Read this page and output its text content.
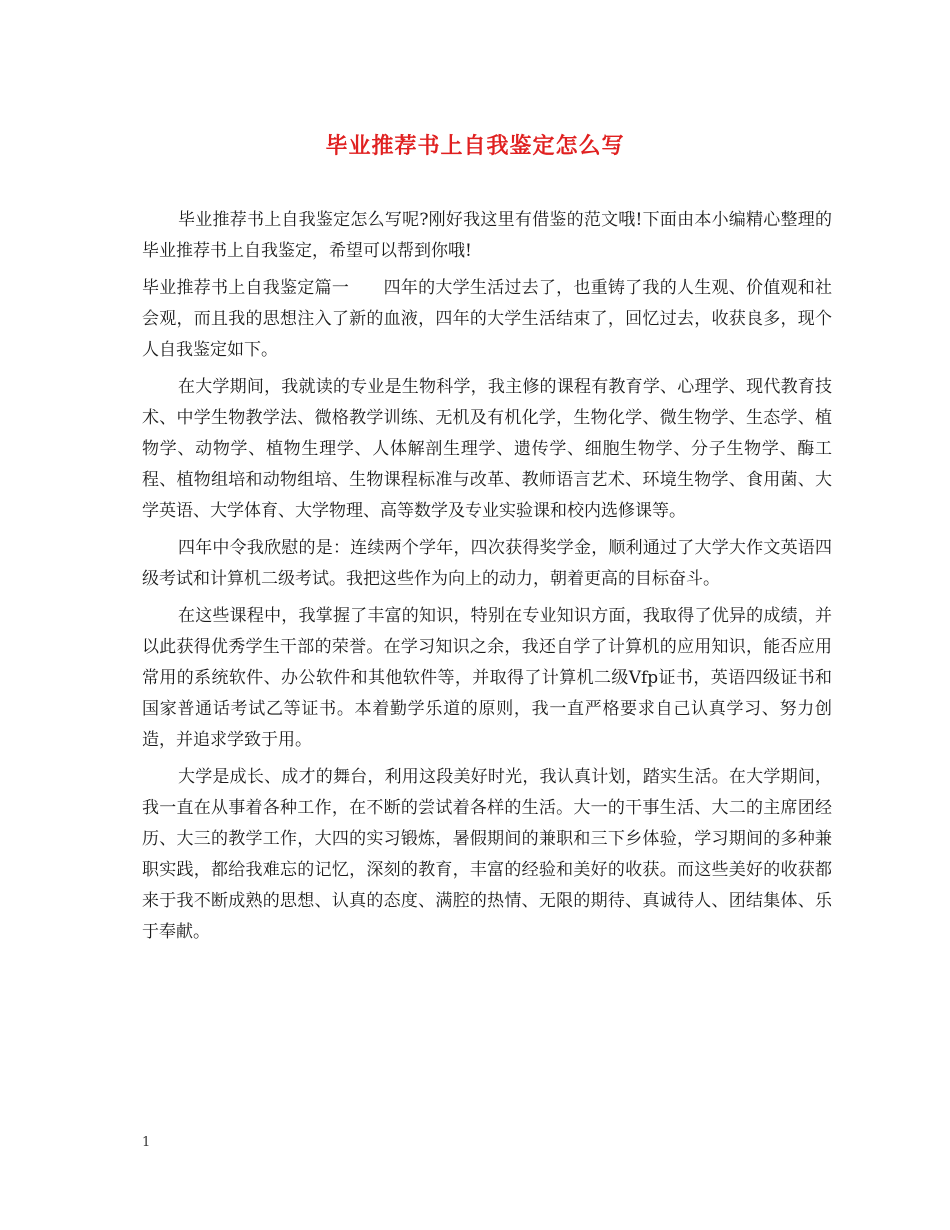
毕业推荐书上自我鉴定怎么写

毕业推荐书上自我鉴定怎么写呢?刚好我这里有借鉴的范文哦!下面由本小编精心整理的毕业推荐书上自我鉴定，希望可以帮到你哦!

毕业推荐书上自我鉴定篇一　　四年的大学生活过去了，也重铸了我的人生观、价值观和社会观，而且我的思想注入了新的血液，四年的大学生活结束了，回忆过去，收获良多，现个人自我鉴定如下。

在大学期间，我就读的专业是生物科学，我主修的课程有教育学、心理学、现代教育技术、中学生物教学法、微格教学训练、无机及有机化学，生物化学、微生物学、生态学、植物学、动物学、植物生理学、人体解剖生理学、遗传学、细胞生物学、分子生物学、酶工程、植物组培和动物组培、生物课程标准与改革、教师语言艺术、环境生物学、食用菌、大学英语、大学体育、大学物理、高等数学及专业实验课和校内选修课等。

四年中令我欣慰的是：连续两个学年，四次获得奖学金，顺利通过了大学大作文英语四级考试和计算机二级考试。我把这些作为向上的动力，朝着更高的目标奋斗。

在这些课程中，我掌握了丰富的知识，特别在专业知识方面，我取得了优异的成绩，并以此获得优秀学生干部的荣誉。在学习知识之余，我还自学了计算机的应用知识，能否应用常用的系统软件、办公软件和其他软件等，并取得了计算机二级Vfp证书，英语四级证书和国家普通话考试乙等证书。本着勤学乐道的原则，我一直严格要求自己认真学习、努力创造，并追求学致于用。

大学是成长、成才的舞台，利用这段美好时光，我认真计划，踏实生活。在大学期间，我一直在从事着各种工作，在不断的尝试着各样的生活。大一的干事生活、大二的主席团经历、大三的教学工作，大四的实习锻炼，暑假期间的兼职和三下乡体验，学习期间的多种兼职实践，都给我难忘的记忆，深刻的教育，丰富的经验和美好的收获。而这些美好的收获都来于我不断成熟的思想、认真的态度、满腔的热情、无限的期待、真诚待人、团结集体、乐于奉献。

1
